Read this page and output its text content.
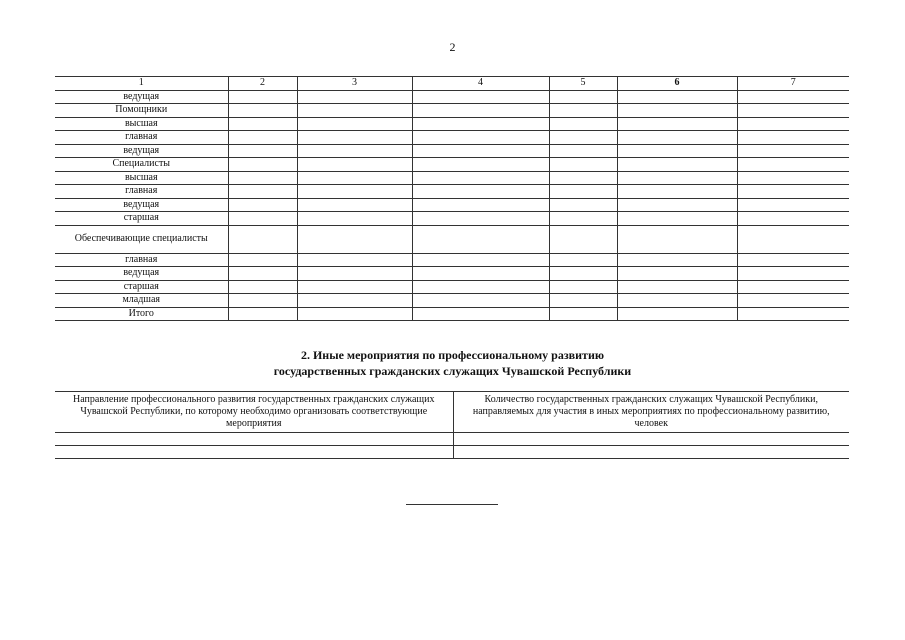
2
1	2	3	4	5	6	7
ведущая						
Помощники						
высшая						
главная						
ведущая						
Специалисты						
высшая						
главная						
ведущая						
старшая						
Обеспечивающие специалисты						
главная						
ведущая						
старшая						
младшая						
Итого						
2. Иные мероприятия по профессиональному развитию
государственных гражданских служащих Чувашской Республики
Направление профессионального развития государственных гражданских служащих Чувашской Республики, по которому необходимо организовать соответствующие мероприятия	Количество государственных гражданских служащих Чувашской Республики, направляемых для участия в иных мероприятиях по профессиональному развитию, человек
